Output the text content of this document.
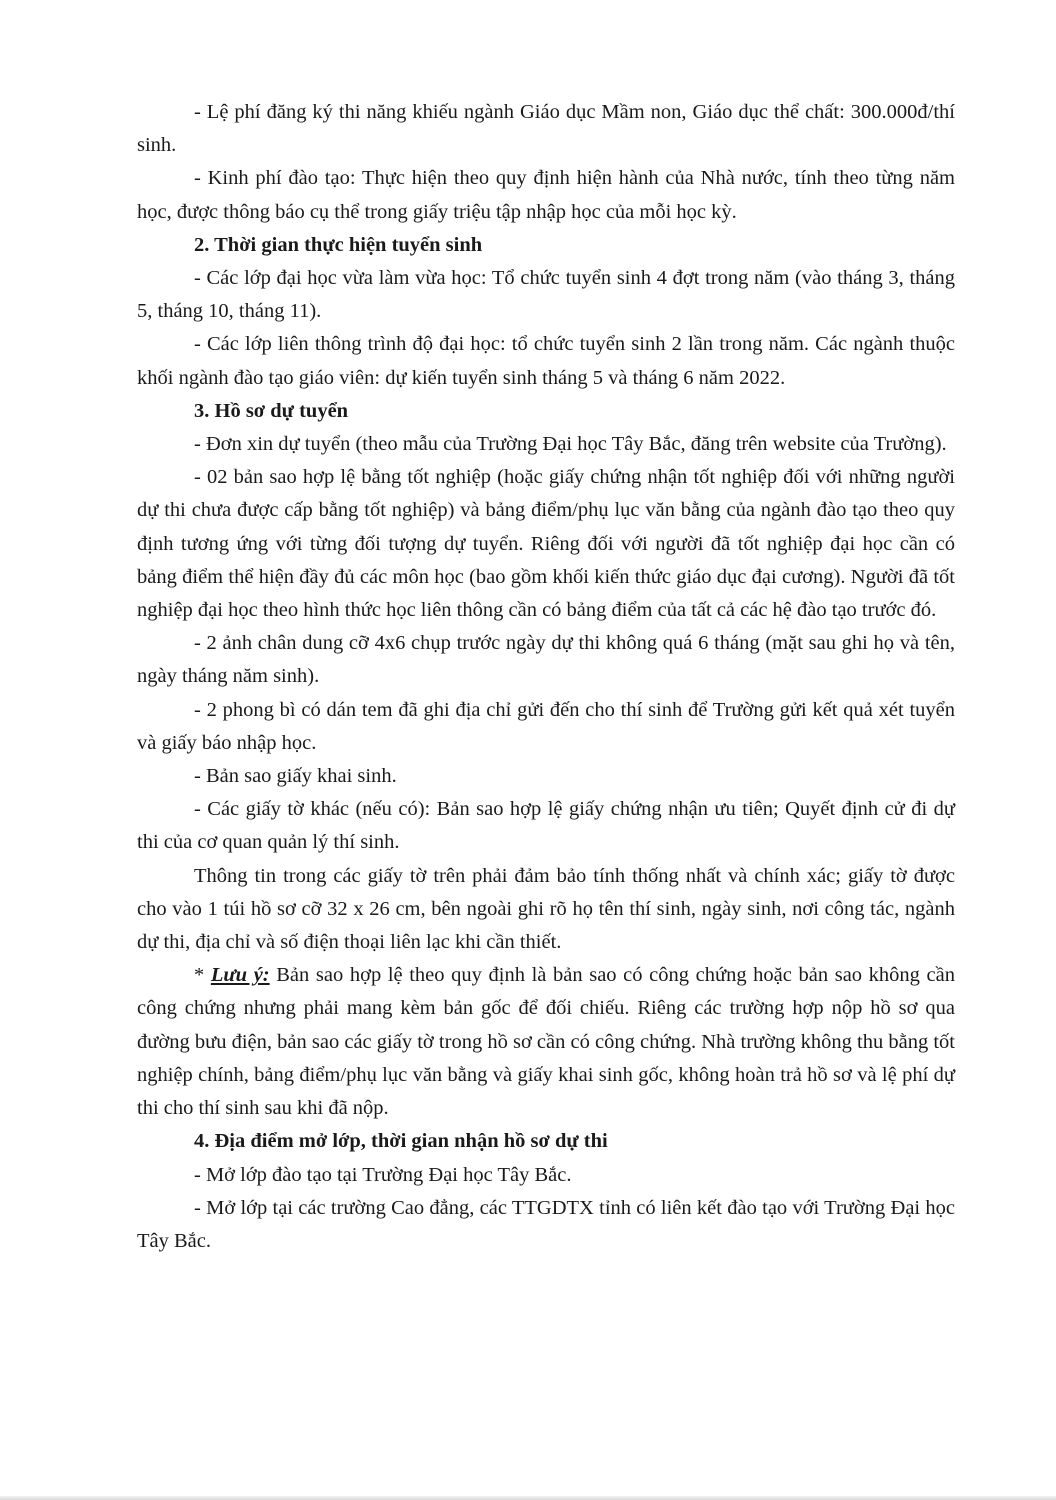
- Lệ phí đăng ký thi năng khiếu ngành Giáo dục Mầm non, Giáo dục thể chất: 300.000đ/thí sinh.

- Kinh phí đào tạo: Thực hiện theo quy định hiện hành của Nhà nước, tính theo từng năm học, được thông báo cụ thể trong giấy triệu tập nhập học của mỗi học kỳ.

2. Thời gian thực hiện tuyển sinh

- Các lớp đại học vừa làm vừa học: Tổ chức tuyển sinh 4 đợt trong năm (vào tháng 3, tháng 5, tháng 10, tháng 11).

- Các lớp liên thông trình độ đại học: tổ chức tuyển sinh 2 lần trong năm. Các ngành thuộc khối ngành đào tạo giáo viên: dự kiến tuyển sinh tháng 5 và tháng 6 năm 2022.

3. Hồ sơ dự tuyển

- Đơn xin dự tuyển (theo mẫu của Trường Đại học Tây Bắc, đăng trên website của Trường).

- 02 bản sao hợp lệ bằng tốt nghiệp (hoặc giấy chứng nhận tốt nghiệp đối với những người dự thi chưa được cấp bằng tốt nghiệp) và bảng điểm/phụ lục văn bằng của ngành đào tạo theo quy định tương ứng với từng đối tượng dự tuyển. Riêng đối với người đã tốt nghiệp đại học cần có bảng điểm thể hiện đầy đủ các môn học (bao gồm khối kiến thức giáo dục đại cương). Người đã tốt nghiệp đại học theo hình thức học liên thông cần có bảng điểm của tất cả các hệ đào tạo trước đó.

- 2 ảnh chân dung cỡ 4x6 chụp trước ngày dự thi không quá 6 tháng (mặt sau ghi họ và tên, ngày tháng năm sinh).

- 2 phong bì có dán tem đã ghi địa chỉ gửi đến cho thí sinh để Trường gửi kết quả xét tuyển và giấy báo nhập học.

- Bản sao giấy khai sinh.

- Các giấy tờ khác (nếu có): Bản sao hợp lệ giấy chứng nhận ưu tiên; Quyết định cử đi dự thi của cơ quan quản lý thí sinh.

Thông tin trong các giấy tờ trên phải đảm bảo tính thống nhất và chính xác; giấy tờ được cho vào 1 túi hồ sơ cỡ 32 x 26 cm, bên ngoài ghi rõ họ tên thí sinh, ngày sinh, nơi công tác, ngành dự thi, địa chỉ và số điện thoại liên lạc khi cần thiết.

* Lưu ý: Bản sao hợp lệ theo quy định là bản sao có công chứng hoặc bản sao không cần công chứng nhưng phải mang kèm bản gốc để đối chiếu. Riêng các trường hợp nộp hồ sơ qua đường bưu điện, bản sao các giấy tờ trong hồ sơ cần có công chứng. Nhà trường không thu bằng tốt nghiệp chính, bảng điểm/phụ lục văn bằng và giấy khai sinh gốc, không hoàn trả hồ sơ và lệ phí dự thi cho thí sinh sau khi đã nộp.

4. Địa điểm mở lớp, thời gian nhận hồ sơ dự thi

- Mở lớp đào tạo tại Trường Đại học Tây Bắc.

- Mở lớp tại các trường Cao đẳng, các TTGDTX tỉnh có liên kết đào tạo với Trường Đại học Tây Bắc.
